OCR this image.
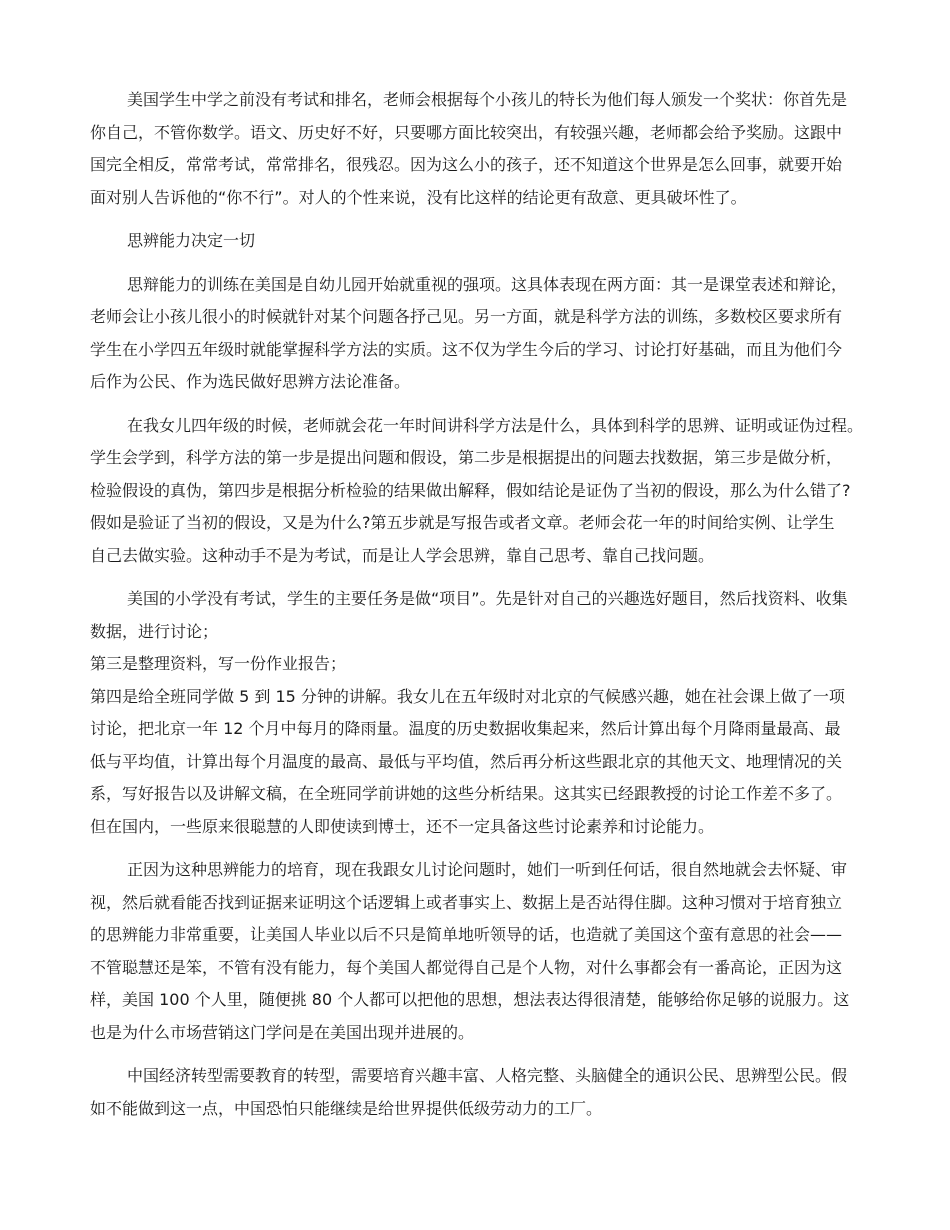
美国学生中学之前没有考试和排名，老师会根据每个小孩儿的特长为他们每人颁发一个奖状：你首先是
你自己，不管你数学。语文、历史好不好，只要哪方面比较突出，有较强兴趣，老师都会给予奖励。这跟中
国完全相反，常常考试，常常排名，很残忍。因为这么小的孩子，还不知道这个世界是怎么回事，就要开始
面对别人告诉他的“你不行”。对人的个性来说，没有比这样的结论更有敌意、更具破坏性了。
思辨能力决定一切
思辩能力的训练在美国是自幼儿园开始就重视的强项。这具体表现在两方面：其一是课堂表述和辩论，
老师会让小孩儿很小的时候就针对某个问题各抒己见。另一方面，就是科学方法的训练，多数校区要求所有
学生在小学四五年级时就能掌握科学方法的实质。这不仅为学生今后的学习、讨论打好基础，而且为他们今
后作为公民、作为选民做好思辨方法论准备。
在我女儿四年级的时候，老师就会花一年时间讲科学方法是什么，具体到科学的思辨、证明或证伪过程。
学生会学到，科学方法的第一步是提出问题和假设，第二步是根据提出的问题去找数据，第三步是做分析，
检验假设的真伪，第四步是根据分析检验的结果做出解释，假如结论是证伪了当初的假设，那么为什么错了?
假如是验证了当初的假设，又是为什么?第五步就是写报告或者文章。老师会花一年的时间给实例、让学生
自己去做实验。这种动手不是为考试，而是让人学会思辨，靠自己思考、靠自己找问题。
美国的小学没有考试，学生的主要任务是做“项目”。先是针对自己的兴趣选好题目，然后找资料、收集
数据，进行讨论；
第三是整理资料，写一份作业报告；
第四是给全班同学做 5 到 15 分钟的讲解。我女儿在五年级时对北京的气候感兴趣，她在社会课上做了一项
讨论，把北京一年 12 个月中每月的降雨量。温度的历史数据收集起来，然后计算出每个月降雨量最高、最
低与平均值，计算出每个月温度的最高、最低与平均值，然后再分析这些跟北京的其他天文、地理情况的关
系，写好报告以及讲解文稿，在全班同学前讲她的这些分析结果。这其实已经跟教授的讨论工作差不多了。
但在国内，一些原来很聪慧的人即使读到博士，还不一定具备这些讨论素养和讨论能力。
正因为这种思辨能力的培育，现在我跟女儿讨论问题时，她们一听到任何话，很自然地就会去怀疑、审
视，然后就看能否找到证据来证明这个话逻辑上或者事实上、数据上是否站得住脚。这种习惯对于培育独立
的思辨能力非常重要，让美国人毕业以后不只是简单地听领导的话，也造就了美国这个蛮有意思的社会——
不管聪慧还是笨，不管有没有能力，每个美国人都觉得自己是个人物，对什么事都会有一番高论，正因为这
样，美国 100 个人里，随便挑 80 个人都可以把他的思想，想法表达得很清楚，能够给你足够的说服力。这
也是为什么市场营销这门学问是在美国出现并进展的。
中国经济转型需要教育的转型，需要培育兴趣丰富、人格完整、头脑健全的通识公民、思辨型公民。假
如不能做到这一点，中国恐怕只能继续是给世界提供低级劳动力的工厂。
